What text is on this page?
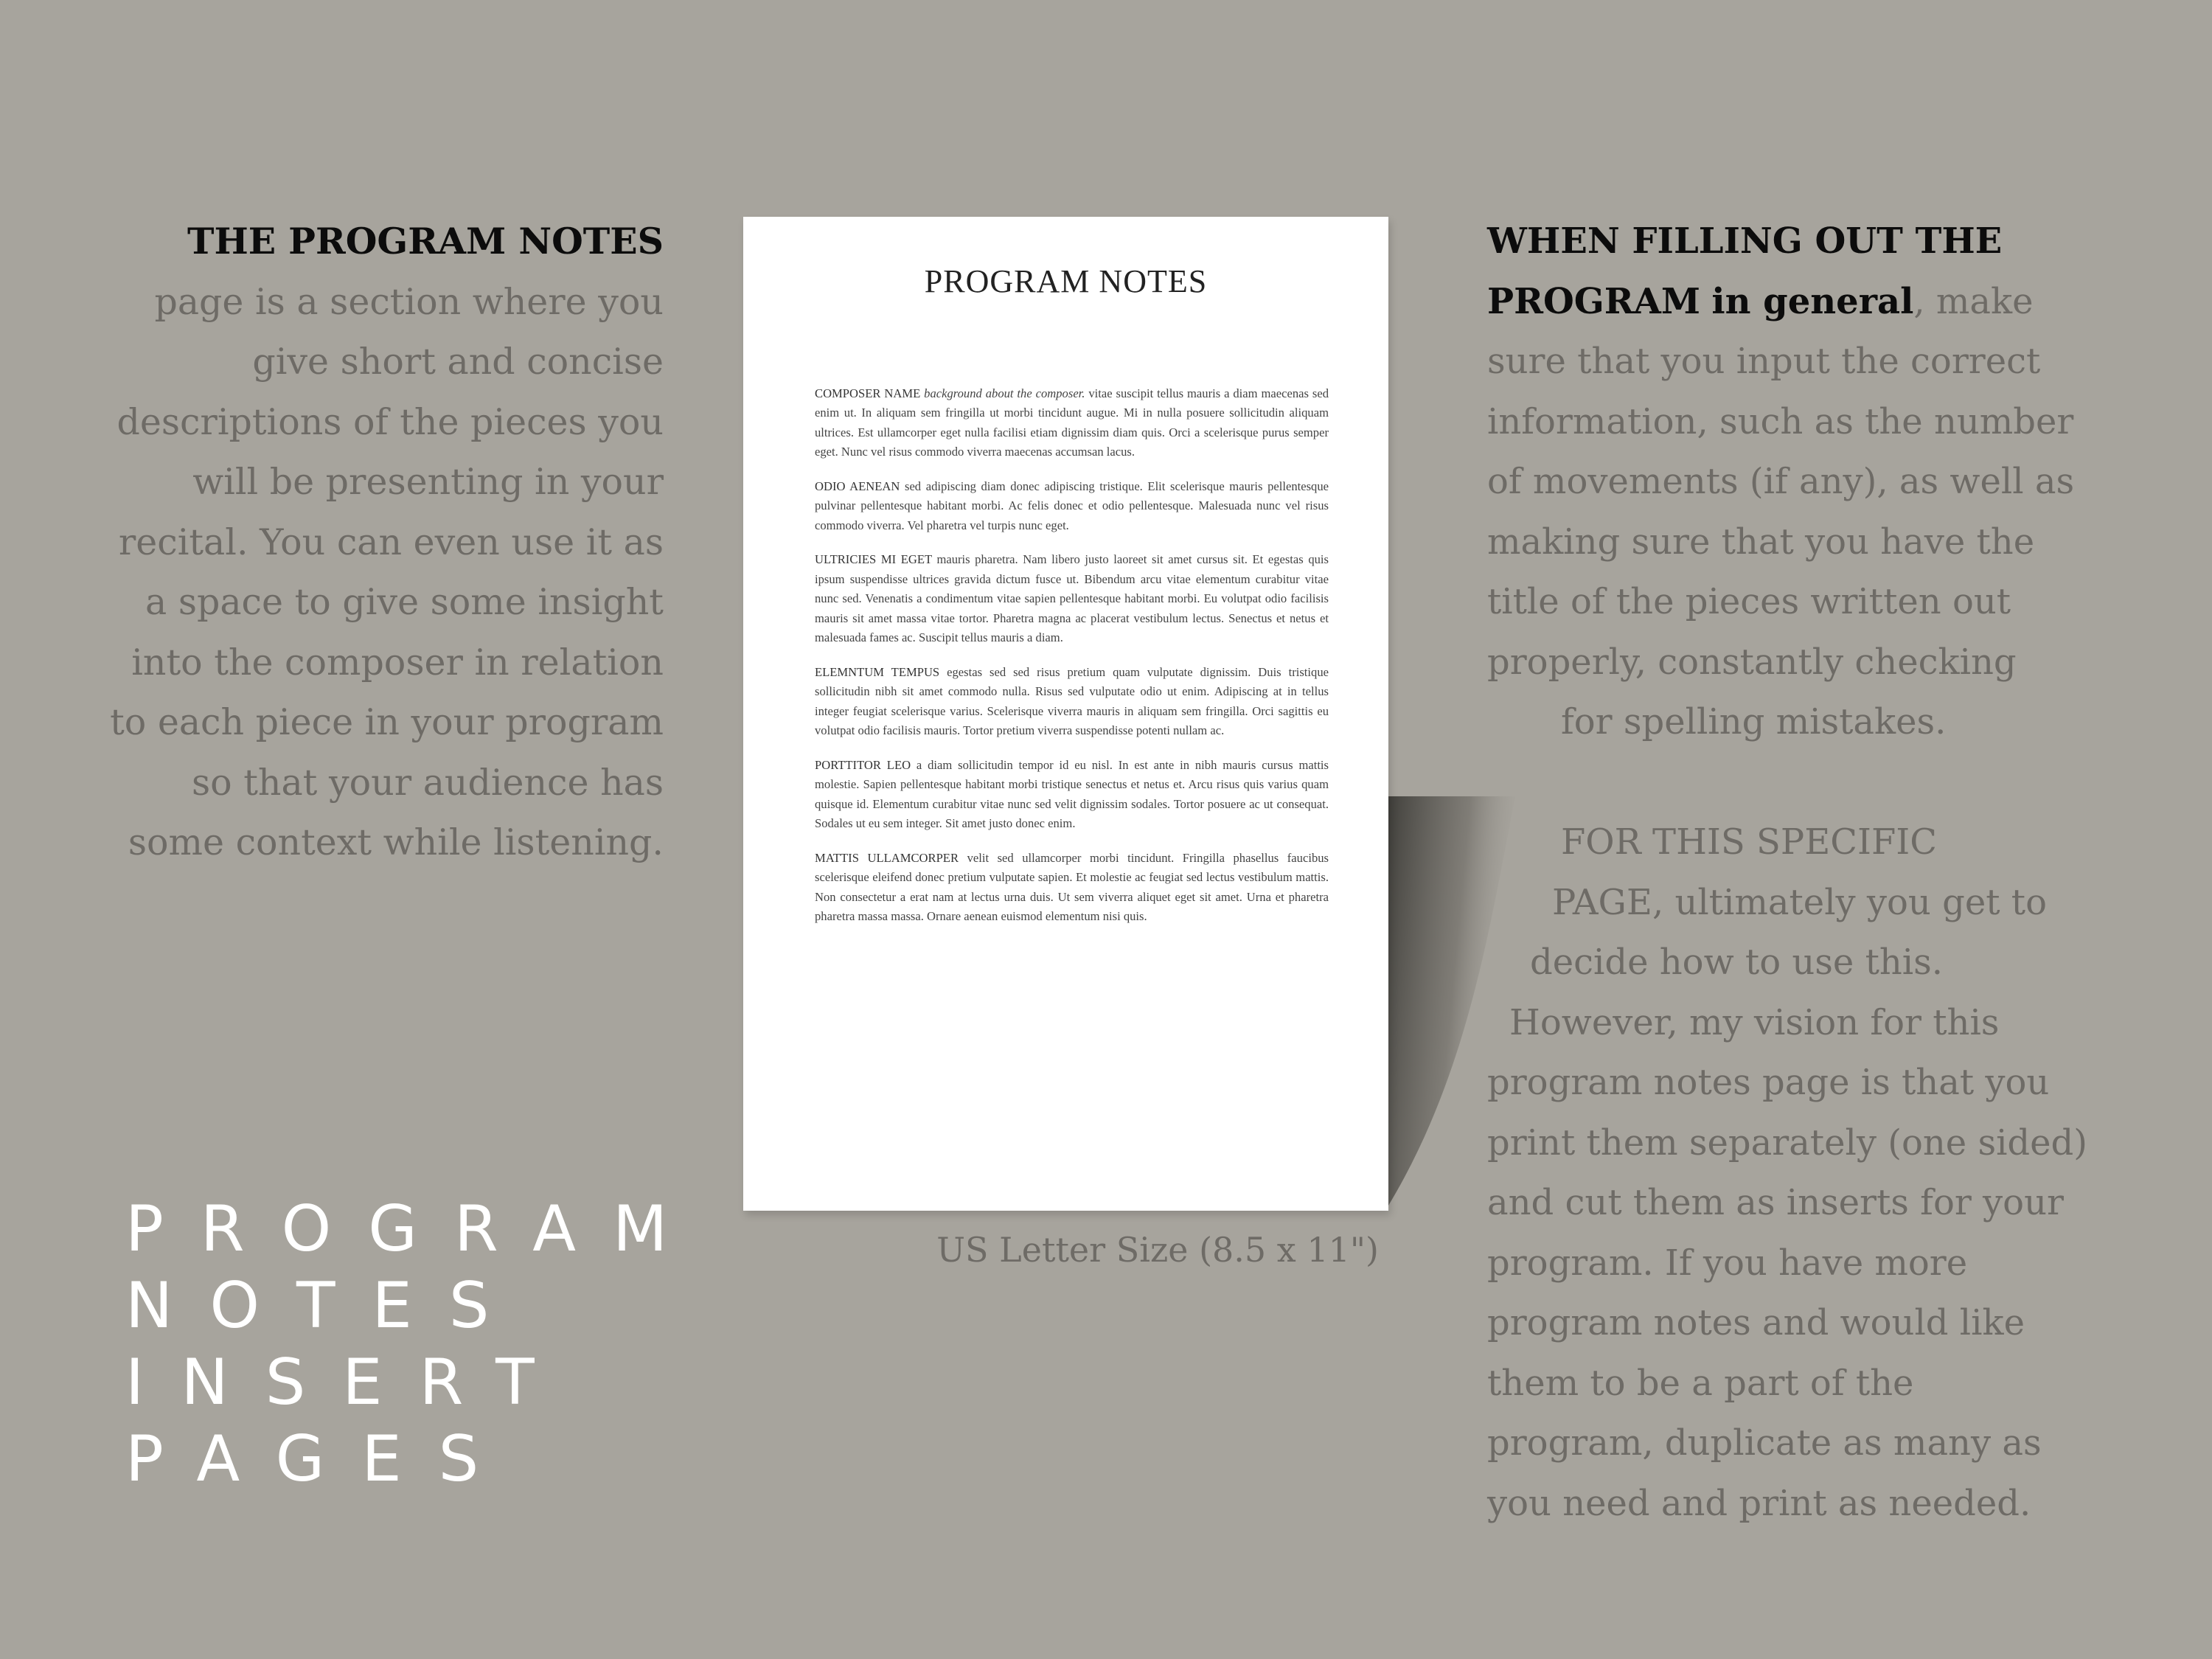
THE PROGRAM NOTES
page is a section where you give short and concise descriptions of the pieces you will be presenting in your recital. You can even use it as a space to give some insight into the composer in relation to each piece in your program so that your audience has some context while listening.
PROGRAM
NOTES
INSERT
PAGES
PROGRAM NOTES

COMPOSER NAME background about the composer. vitae suscipit tellus mauris a diam maecenas sed enim ut. In aliquam sem fringilla ut morbi tincidunt augue. Mi in nulla posuere sollicitudin aliquam ultrices. Est ullamcorper eget nulla facilisi etiam dignissim diam quis. Orci a scelerisque purus semper eget. Nunc vel risus commodo viverra maecenas accumsan lacus.

ODIO AENEAN sed adipiscing diam donec adipiscing tristique. Elit scelerisque mauris pellentesque pulvinar pellentesque habitant morbi. Ac felis donec et odio pellentesque. Malesuada nunc vel risus commodo viverra. Vel pharetra vel turpis nunc eget.

ULTRICIES MI EGET mauris pharetra. Nam libero justo laoreet sit amet cursus sit. Et egestas quis ipsum suspendisse ultrices gravida dictum fusce ut. Bibendum arcu vitae elementum curabitur vitae nunc sed. Venenatis a condimentum vitae sapien pellentesque habitant morbi. Eu volutpat odio facilisis mauris sit amet massa vitae tortor. Pharetra magna ac placerat vestibulum lectus. Senectus et netus et malesuada fames ac. Suscipit tellus mauris a diam.

ELEMNTUM TEMPUS egestas sed sed risus pretium quam vulputate dignissim. Duis tristique sollicitudin nibh sit amet commodo nulla. Risus sed vulputate odio ut enim. Adipiscing at in tellus integer feugiat scelerisque varius. Scelerisque viverra mauris in aliquam sem fringilla. Orci sagittis eu volutpat odio facilisis mauris. Tortor pretium viverra suspendisse potenti nullam ac.

PORTTITOR LEO a diam sollicitudin tempor id eu nisl. In est ante in nibh mauris cursus mattis molestie. Sapien pellentesque habitant morbi tristique senectus et netus et. Arcu risus quis varius quam quisque id. Elementum curabitur vitae nunc sed velit dignissim sodales. Tortor posuere ac ut consequat. Sodales ut eu sem integer. Sit amet justo donec enim.

MATTIS ULLAMCORPER velit sed ullamcorper morbi tincidunt. Fringilla phasellus faucibus scelerisque eleifend donec pretium vulputate sapien. Et molestie ac feugiat sed lectus vestibulum mattis. Non consectetur a erat nam at lectus urna duis. Ut sem viverra aliquet eget sit amet. Urna et pharetra pharetra massa massa. Ornare aenean euismod elementum nisi quis.

US Letter Size (8.5 x 11")
WHEN FILLING OUT THE
PROGRAM in general, make
sure that you input the correct
information, such as the number
of movements (if any), as well as
making sure that you have the
title of the pieces written out
properly, constantly checking
for spelling mistakes.
FOR THIS SPECIFIC
PAGE, ultimately you get to
decide how to use this.
However, my vision for this
program notes page is that you
print them separately (one sided)
and cut them as inserts for your
program. If you have more
program notes and would like
them to be a part of the
program, duplicate as many as
you need and print as needed.
